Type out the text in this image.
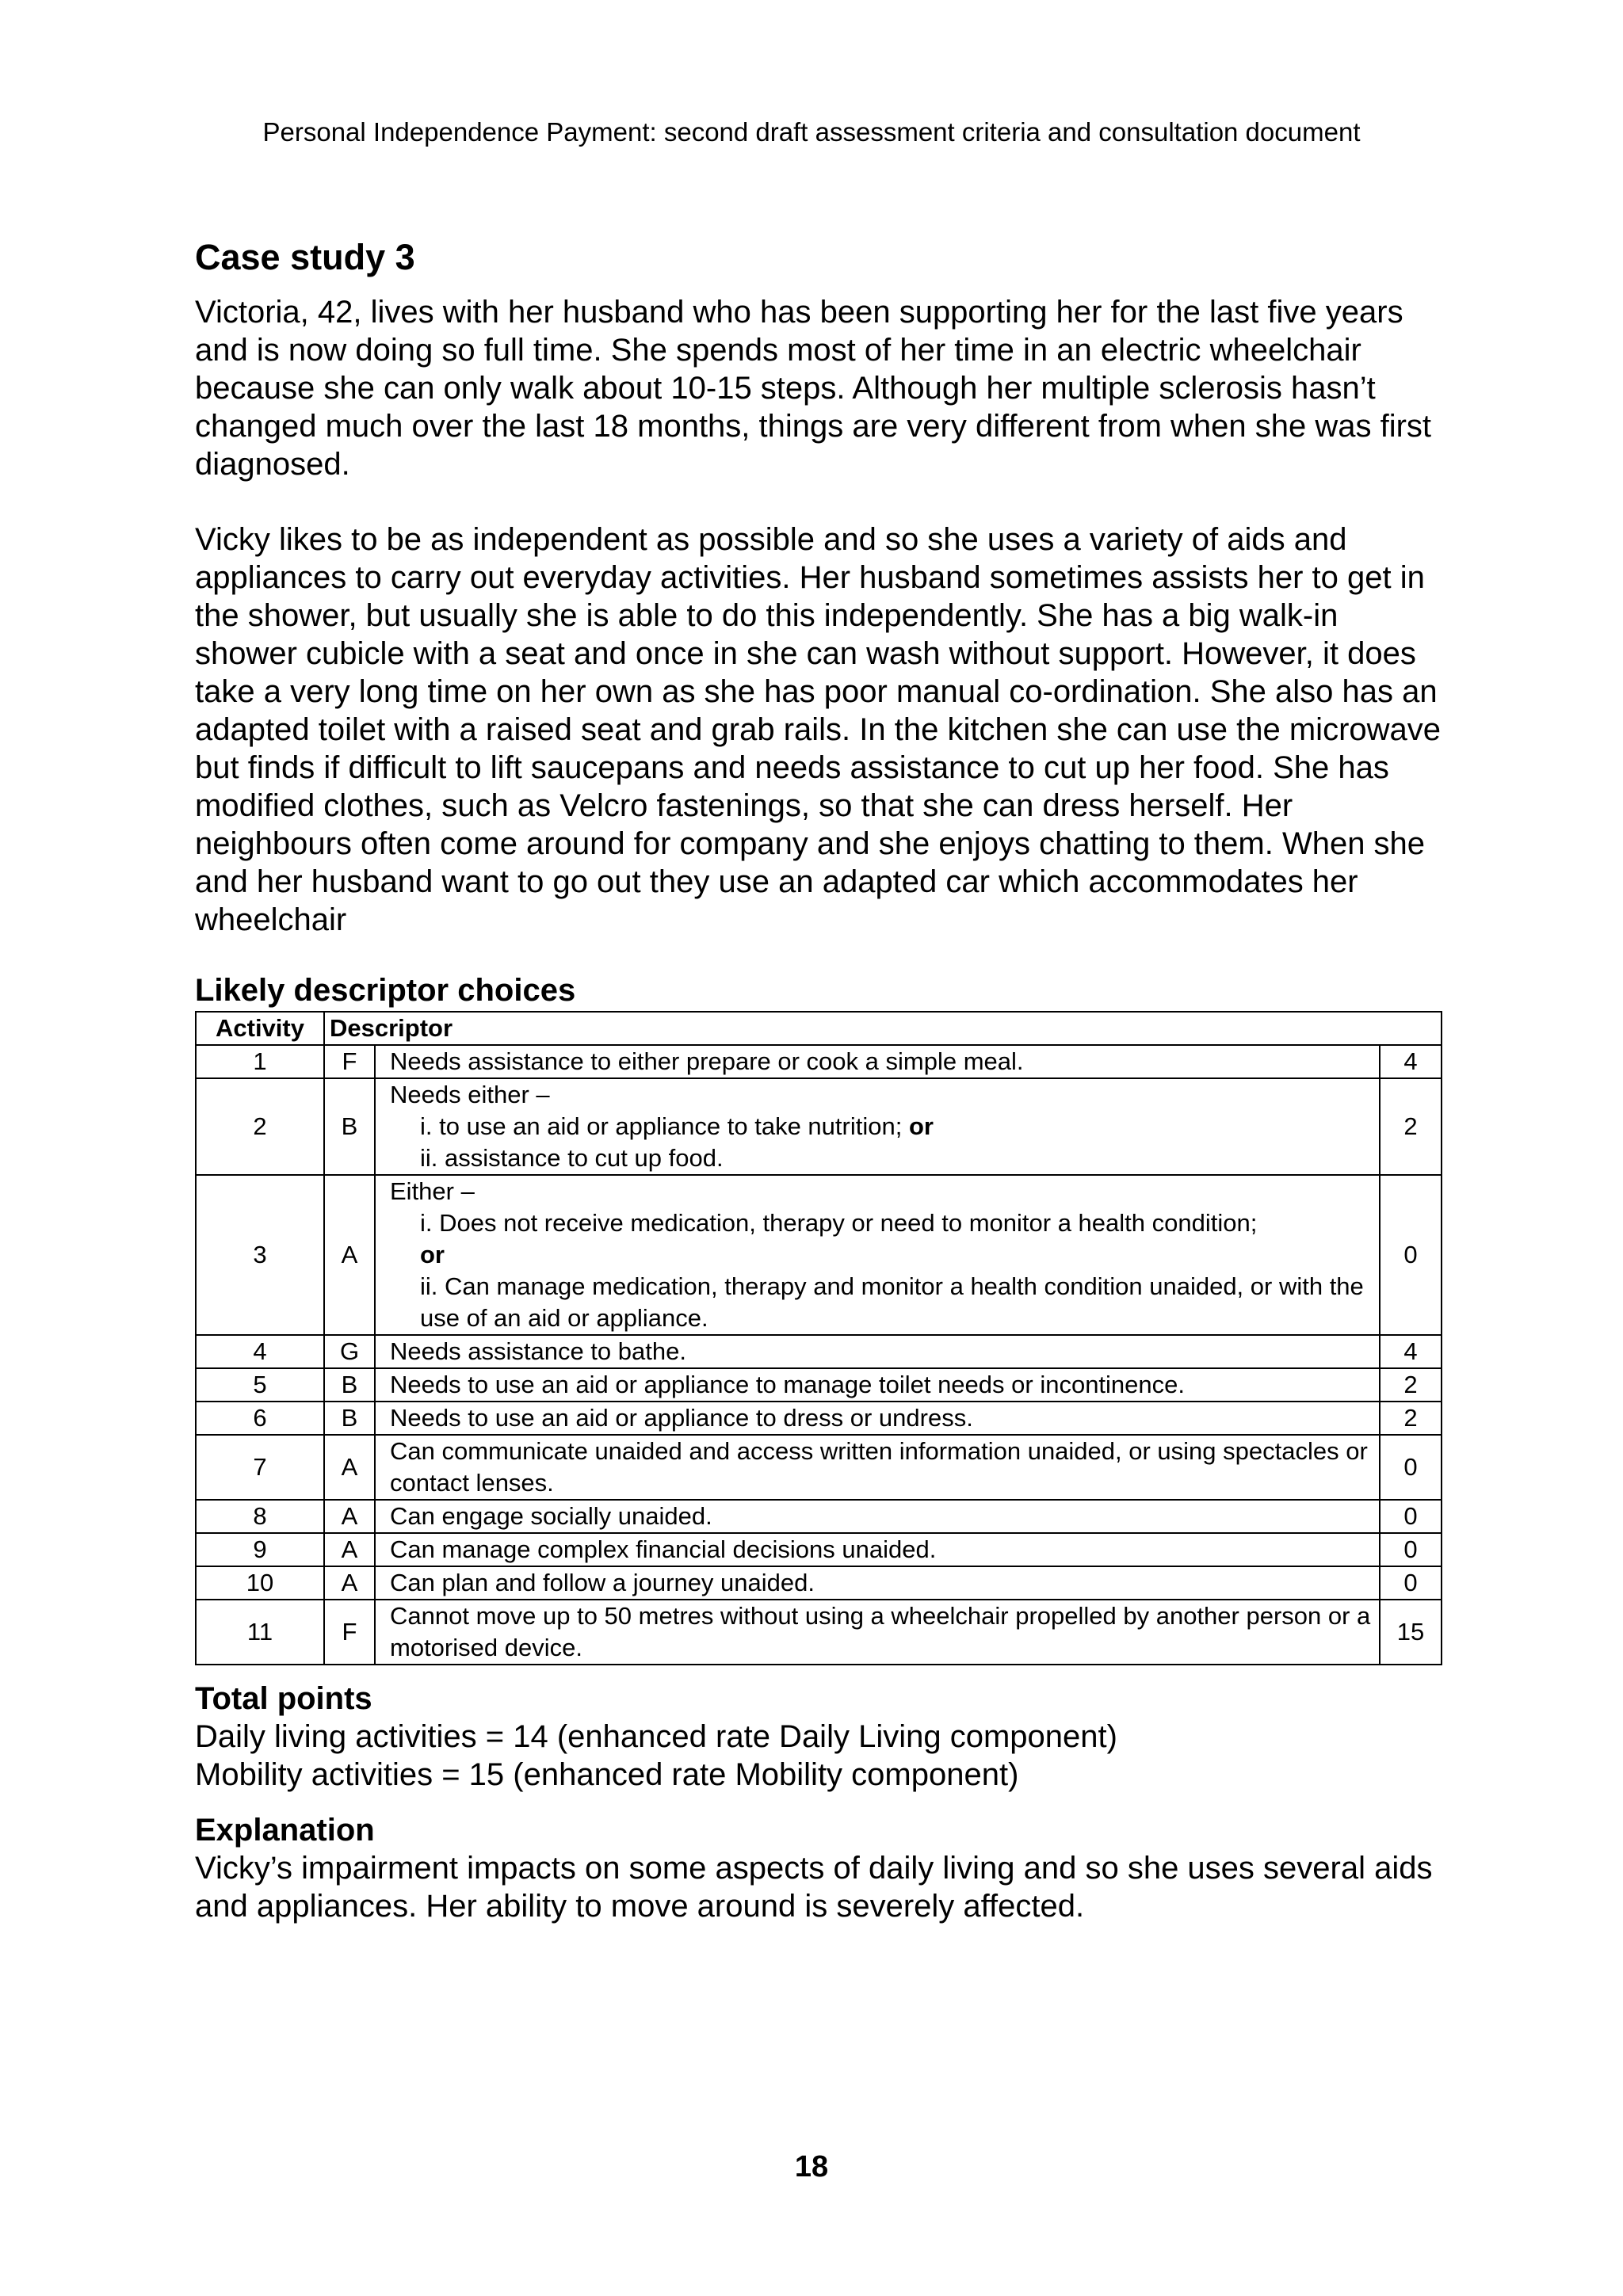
Personal Independence Payment: second draft assessment criteria and consultation document
Case study 3

Victoria, 42, lives with her husband who has been supporting her for the last five years and is now doing so full time. She spends most of her time in an electric wheelchair because she can only walk about 10-15 steps. Although her multiple sclerosis hasn’t changed much over the last 18 months, things are very different from when she was first diagnosed.

Vicky likes to be as independent as possible and so she uses a variety of aids and appliances to carry out everyday activities. Her husband sometimes assists her to get in the shower, but usually she is able to do this independently. She has a big walk-in shower cubicle with a seat and once in she can wash without support. However, it does take a very long time on her own as she has poor manual co-ordination. She also has an adapted toilet with a raised seat and grab rails. In the kitchen she can use the microwave but finds if difficult to lift saucepans and needs assistance to cut up her food. She has modified clothes, such as Velcro fastenings, so that she can dress herself. Her neighbours often come around for company and she enjoys chatting to them. When she and her husband want to go out they use an adapted car which accommodates her wheelchair

Likely descriptor choices
Activity	Descriptor		
1	F	Needs assistance to either prepare or cook a simple meal.	4
2	B	Needs either –
i. to use an aid or appliance to take nutrition; or
ii. assistance to cut up food.	2
3	A	Either –
i. Does not receive medication, therapy or need to monitor a health condition;
or
ii. Can manage medication, therapy and monitor a health condition unaided, or with the use of an aid or appliance.	0
4	G	Needs assistance to bathe.	4
5	B	Needs to use an aid or appliance to manage toilet needs or incontinence.	2
6	B	Needs to use an aid or appliance to dress or undress.	2
7	A	Can communicate unaided and access written information unaided, or using spectacles or contact lenses.	0
8	A	Can engage socially unaided.	0
9	A	Can manage complex financial decisions unaided.	0
10	A	Can plan and follow a journey unaided.	0
11	F	Cannot move up to 50 metres without using a wheelchair propelled by another person or a motorised device.	15
Total points
Daily living activities = 14 (enhanced rate Daily Living component)
Mobility activities = 15 (enhanced rate Mobility component)
Explanation

Vicky’s impairment impacts on some aspects of daily living and so she uses several aids and appliances. Her ability to move around is severely affected.

18
